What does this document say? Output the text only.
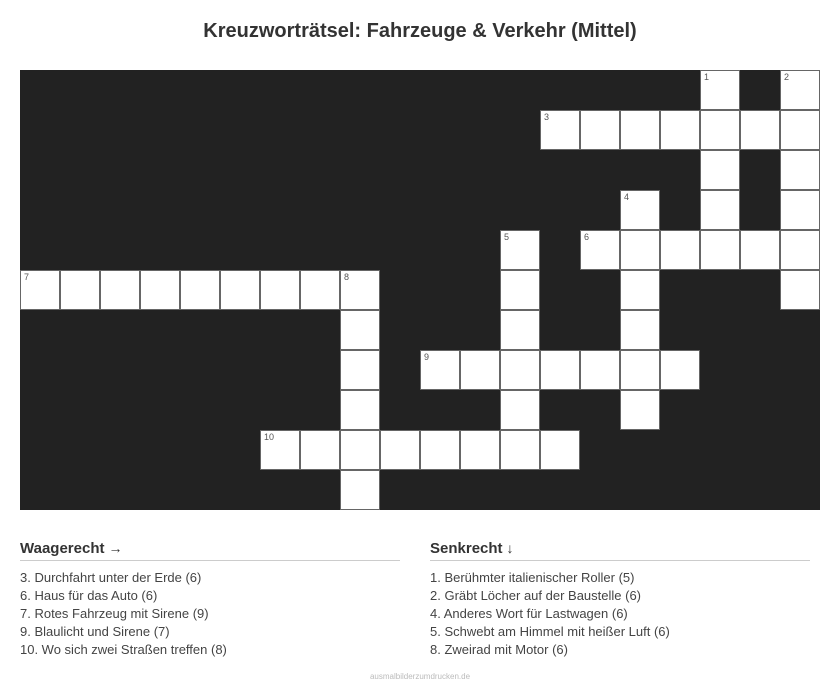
Kreuzworträtsel: Fahrzeuge & Verkehr (Mittel)
1	2
3
4
5	6
7	8
9
10
Waagerecht →
3. Durchfahrt unter der Erde (6)
6. Haus für das Auto (6)
7. Rotes Fahrzeug mit Sirene (9)
9. Blaulicht und Sirene (7)
10. Wo sich zwei Straßen treffen (8)
Senkrecht ↓
1. Berühmter italienischer Roller (5)
2. Gräbt Löcher auf der Baustelle (6)
4. Anderes Wort für Lastwagen (6)
5. Schwebt am Himmel mit heißer Luft (6)
8. Zweirad mit Motor (6)
ausmalbilderzumdrucken.de
